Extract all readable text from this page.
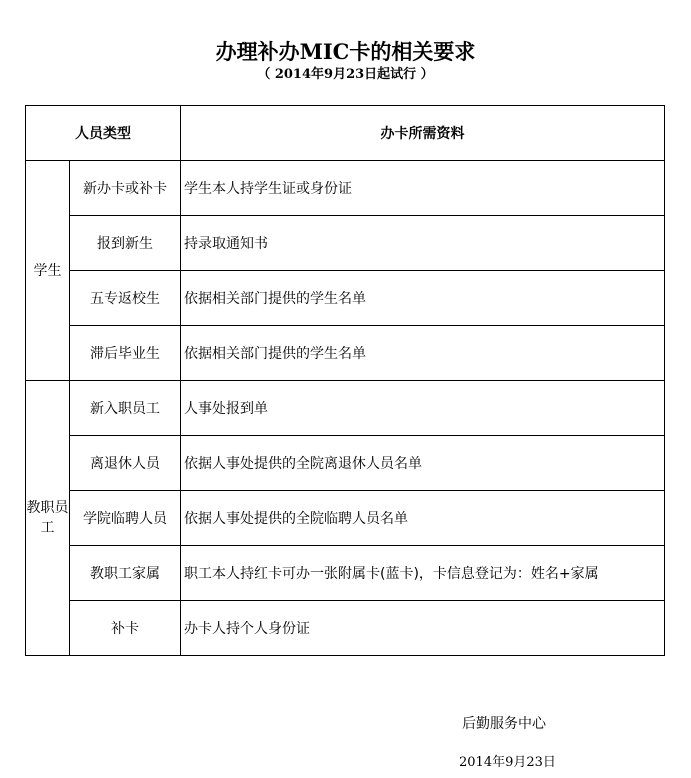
办理补办MIC卡的相关要求
（ 2014年9月23日起试行 ）
人员类型		办卡所需资料
学生	新办卡或补卡	学生本人持学生证或身份证
	报到新生	持录取通知书
	五专返校生	依据相关部门提供的学生名单
	滞后毕业生	依据相关部门提供的学生名单
教职员工	新入职员工	人事处报到单
	离退休人员	依据人事处提供的全院离退休人员名单
	学院临聘人员	依据人事处提供的全院临聘人员名单
	教职工家属	职工本人持红卡可办一张附属卡(蓝卡)，卡信息登记为：姓名+家属
	补卡	办卡人持个人身份证
后勤服务中心
2014年9月23日
